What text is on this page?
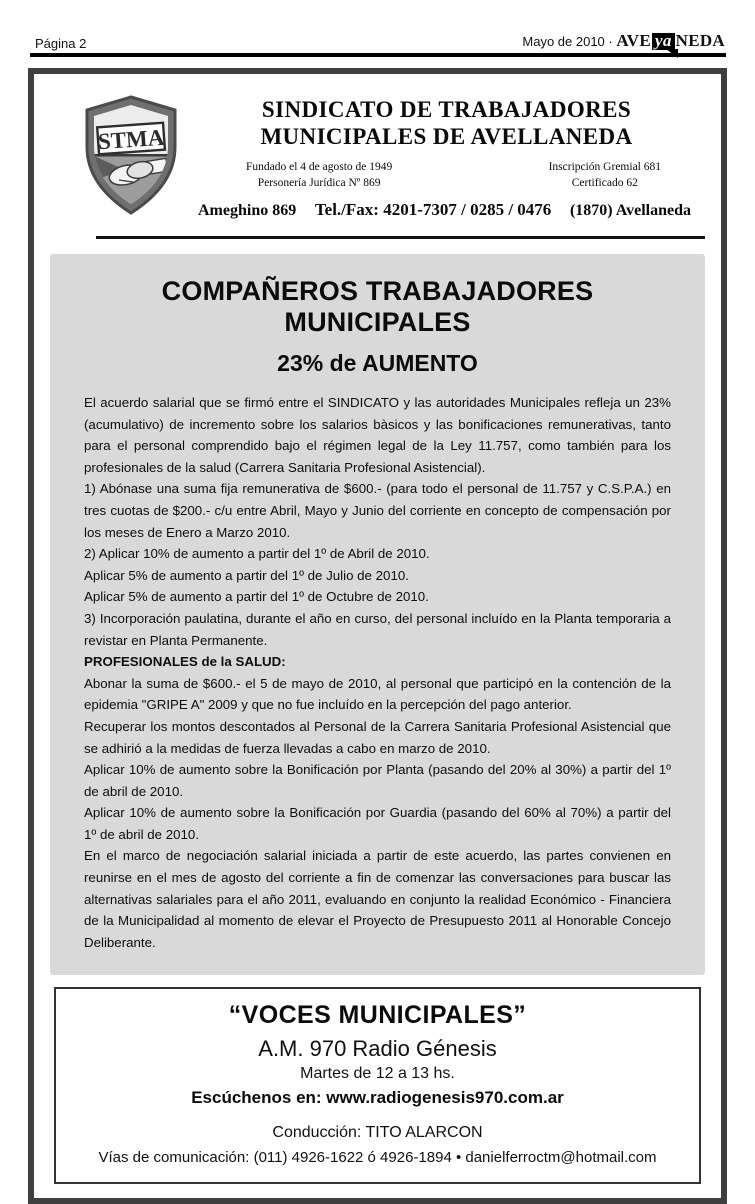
Página 2	Mayo de 2010 · AVE ya NEDA
STMA
SINDICATO DE TRABAJADORES
MUNICIPALES DE AVELLANEDA
Fundado el 4 de agosto de 1949
Personería Jurídica Nº 869
Inscripción Gremial 681
Certificado 62
Ameghino 869 Tel./Fax: 4201-7307 / 0285 / 0476 (1870) Avellaneda
COMPAÑEROS TRABAJADORES MUNICIPALES
23% de AUMENTO

El acuerdo salarial que se firmó entre el SINDICATO y las autoridades Municipales refleja un 23% (acumulativo) de incremento sobre los salarios bàsicos y las bonificaciones remunerativas, tanto para el personal comprendido bajo el régimen legal de la Ley 11.757, como también para los profesionales de la salud (Carrera Sanitaria Profesional Asistencial).

1) Abónase una suma fija remunerativa de $600.- (para todo el personal de 11.757 y C.S.P.A.) en tres cuotas de $200.- c/u entre Abril, Mayo y Junio del corriente en concepto de compensación por los meses de Enero a Marzo 2010.

2) Aplicar 10% de aumento a partir del 1º de Abril de 2010.

Aplicar 5% de aumento a partir del 1º de Julio de 2010.

Aplicar 5% de aumento a partir del 1º de Octubre de 2010.

3) Incorporación paulatina, durante el año en curso, del personal incluído en la Planta temporaria a revistar en Planta Permanente.

PROFESIONALES de la SALUD:

Abonar la suma de $600.- el 5 de mayo de 2010, al personal que participó en la contención de la epidemia "GRIPE A" 2009 y que no fue incluído en la percepción del pago anterior.

Recuperar los montos descontados al Personal de la Carrera Sanitaria Profesional Asistencial que se adhirió a la medidas de fuerza llevadas a cabo en marzo de 2010.

Aplicar 10% de aumento sobre la Bonificación por Planta (pasando del 20% al 30%) a partir del 1º de abril de 2010.

Aplicar 10% de aumento sobre la Bonificación por Guardia (pasando del 60% al 70%) a partir del 1º de abril de 2010.

En el marco de negociación salarial iniciada a partir de este acuerdo, las partes convienen en reunirse en el mes de agosto del corriente a fin de comenzar las conversaciones para buscar las alternativas salariales para el año 2011, evaluando en conjunto la realidad Económico - Financiera de la Municipalidad al momento de elevar el Proyecto de Presupuesto 2011 al Honorable Concejo Deliberante.

“VOCES MUNICIPALES”
A.M. 970 Radio Génesis
Martes de 12 a 13 hs.
Escúchenos en: www.radiogenesis970.com.ar
Conducción: TITO ALARCON
Vías de comunicación: (011) 4926-1622 ó 4926-1894 • danielferroctm@hotmail.com
